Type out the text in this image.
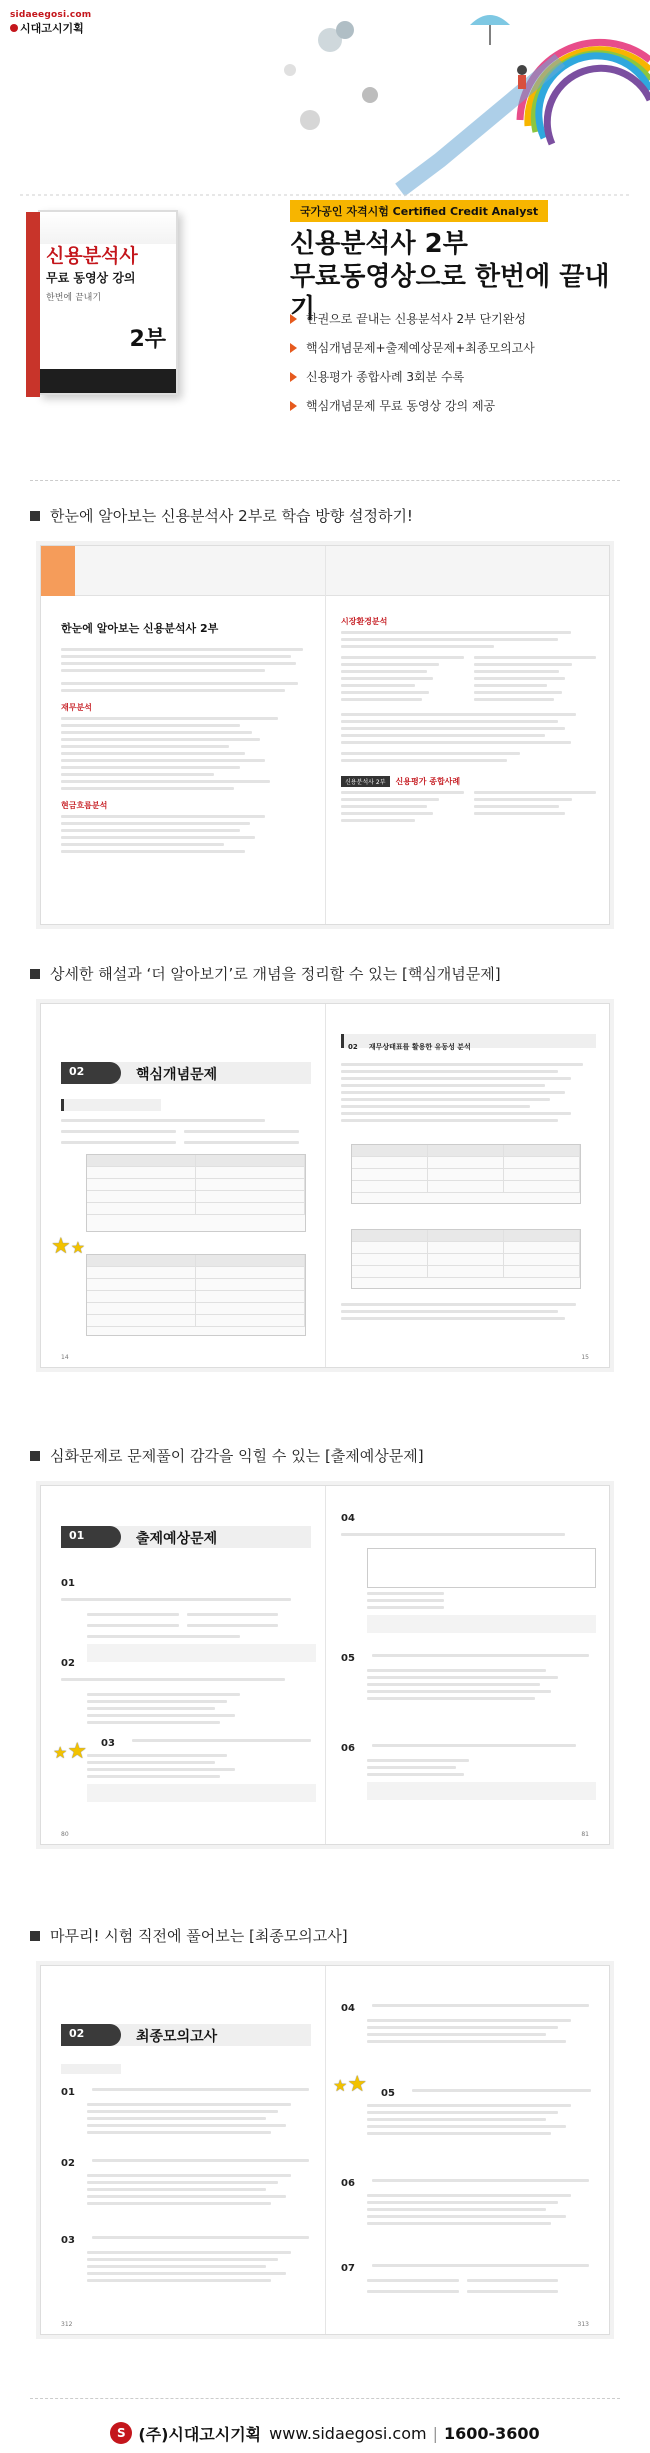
sidaeegosi.com
시대고시기획
신용분석사
무료 동영상 강의
한번에 끝내기
2부
국가공인 자격시험 Certified Credit Analyst
신용분석사 2부
무료동영상으로 한번에 끝내기
한권으로 끝내는 신용분석사 2부 단기완성
핵심개념문제+출제예상문제+최종모의고사
신용평가 종합사례 3회분 수록
핵심개념문제 무료 동영상 강의 제공
한눈에 알아보는 신용분석사 2부로 학습 방향 설정하기!
한눈에 알아보는 신용분석사 2부
재무분석
현금흐름분석
시장환경분석
신용분석사 2부	신용평가 종합사례
상세한 해설과 ‘더 알아보기’로 개념을 정리할 수 있는 [핵심개념문제]
02	핵심개념문제
★★
14
02 재무상태표를 활용한 유동성 분석
15
심화문제로 문제풀이 감각을 익힐 수 있는 [출제예상문제]
01	출제예상문제
01
02
★★	03
80
04
05
06
81
마무리! 시험 직전에 풀어보는 [최종모의고사]
02	최종모의고사
01
02
03
312
04
★★	05
06
07
313
S (주)시대고시기획 www.sidaegosi.com | 1600-3600
